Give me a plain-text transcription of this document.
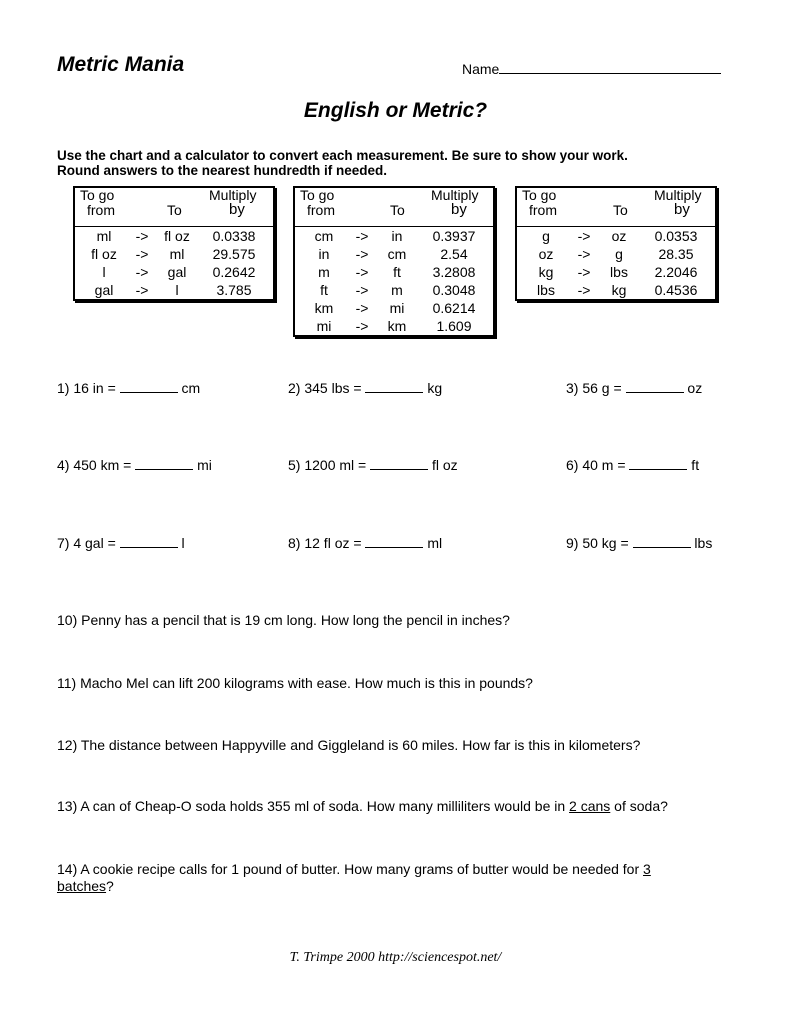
Metric Mania	Name
English or Metric?
Use the chart and a calculator to convert each measurement. Be sure to show your work.
Round answers to the nearest hundredth if needed.
To go
from	To
Multiply
by
ml	->	fl oz	0.0338
fl oz	->	ml	29.575
l	->	gal	0.2642
gal	->	l	3.785
To go
from	To
Multiply
by
cm	->	in	0.3937
in	->	cm	2.54
m	->	ft	3.2808
ft	->	m	0.3048
km	->	mi	0.6214
mi	->	km	1.609
To go
from	To
Multiply
by
g	->	oz	0.0353
oz	->	g	28.35
kg	->	lbs	2.2046
lbs	->	kg	0.4536
1) 16 in =	cm	2) 345 lbs =	kg	3) 56 g =	oz
4) 450 km =	mi	5) 1200 ml =	fl oz	6) 40 m =	ft
7) 4 gal =	l	8) 12 fl oz =	ml	9) 50 kg =	lbs
10) Penny has a pencil that is 19 cm long. How long the pencil in inches?
11) Macho Mel can lift 200 kilograms with ease. How much is this in pounds?
12) The distance between Happyville and Giggleland is 60 miles. How far is this in kilometers?
13) A can of Cheap-O soda holds 355 ml of soda. How many milliliters would be in 2 cans of soda?
14) A cookie recipe calls for 1 pound of butter. How many grams of butter would be needed for 3
batches?
T. Trimpe 2000 http://sciencespot.net/
